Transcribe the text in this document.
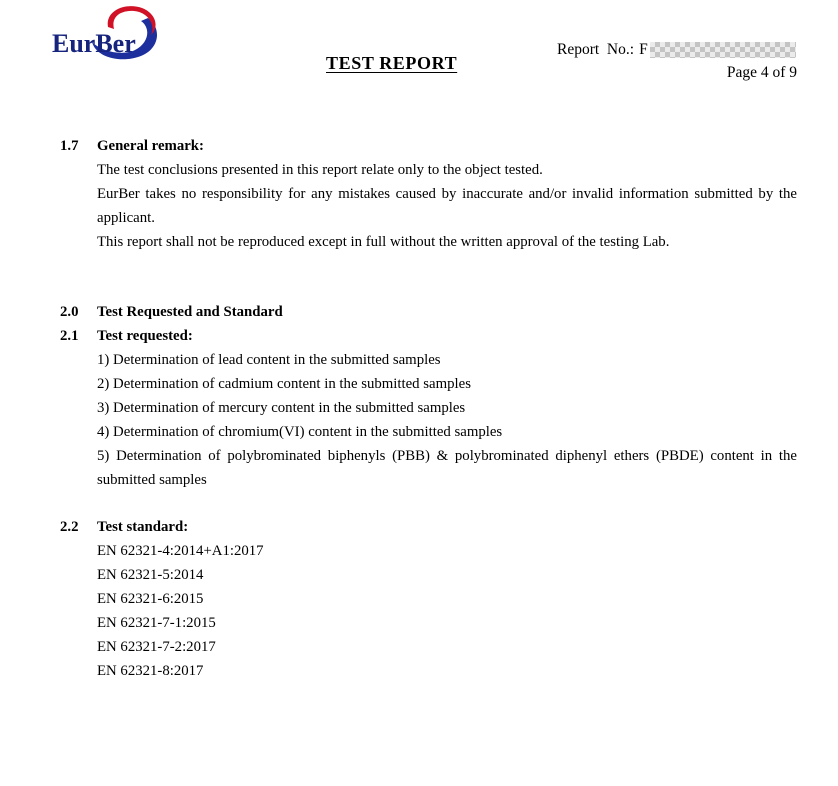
EurBer
TEST REPORT
Report  No.: F
Page 4 of 9
1.7	General remark:

The test conclusions presented in this report relate only to the object tested.

EurBer takes no responsibility for any mistakes caused by inaccurate and/or invalid information submitted by the applicant.

This report shall not be reproduced except in full without the written approval of the testing Lab.

2.0	Test Requested and Standard

2.1	Test requested:

1) Determination of lead content in the submitted samples

2) Determination of cadmium content in the submitted samples

3) Determination of mercury content in the submitted samples

4) Determination of chromium(VI) content in the submitted samples

5) Determination of polybrominated biphenyls (PBB) & polybrominated diphenyl ethers (PBDE) content in the submitted samples

2.2	Test standard:

EN 62321-4:2014+A1:2017

EN 62321-5:2014

EN 62321-6:2015

EN 62321-7-1:2015

EN 62321-7-2:2017

EN 62321-8:2017
